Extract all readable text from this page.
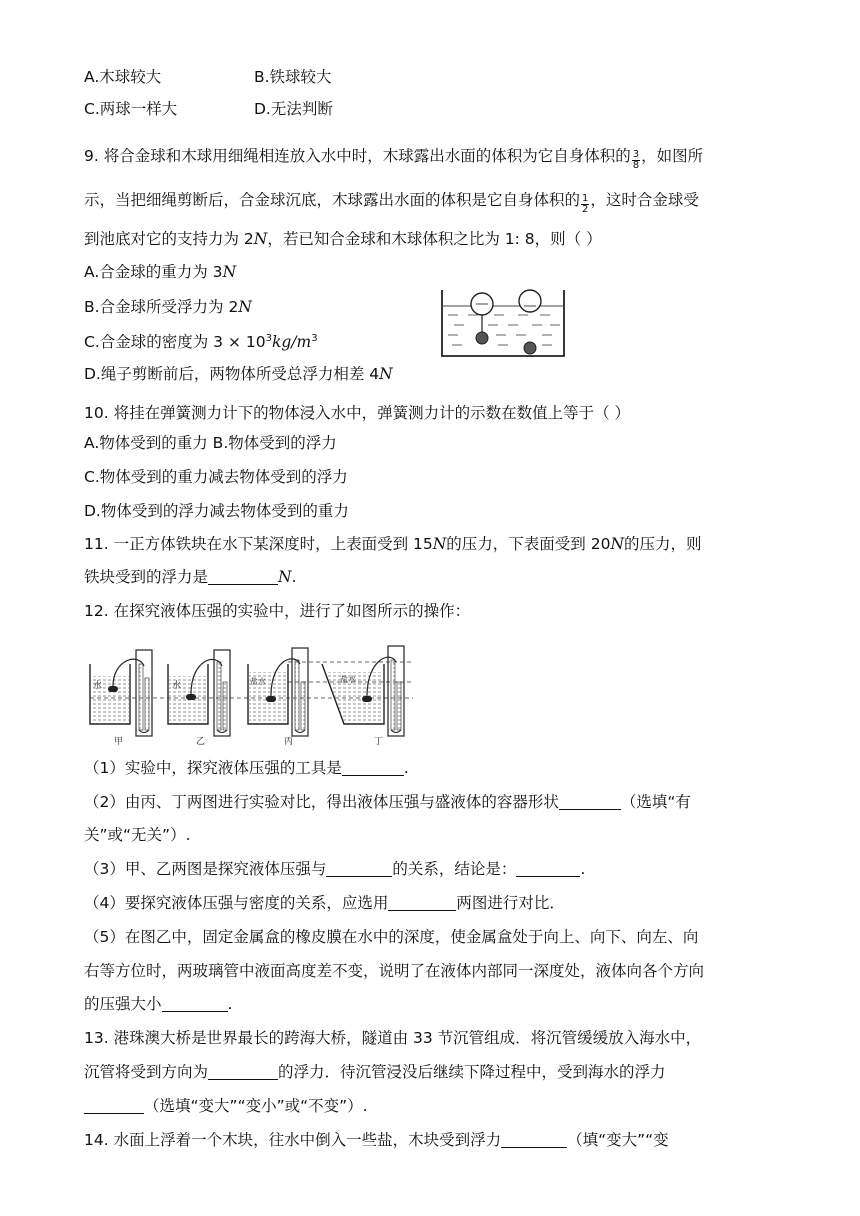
A.木球较大	B.铁球较大
C.两球一样大	D.无法判断
9. 将合金球和木球用细绳相连放入水中时，木球露出水面的体积为它自身体积的 $\frac{3}{8}$ ，如图所
示，当把细绳剪断后，合金球沉底，木球露出水面的体积是它自身体积的 $\frac{1}{2}$ ，这时合金球受
到池底对它的支持力为 2N，若已知合金球和木球体积之比为 1: 8，则（ ）
A.合金球的重力为 3N
B.合金球所受浮力为 2N
C.合金球的密度为 $3 \times 10^3kg/m^3$
D.绳子剪断前后，两物体所受总浮力相差 4N
10. 将挂在弹簧测力计下的物体浸入水中，弹簧测力计的示数在数值上等于（ ）
A.物体受到的重力 B.物体受到的浮力
C.物体受到的重力减去物体受到的浮力
D.物体受到的浮力减去物体受到的重力
11. 一正方体铁块在水下某深度时，上表面受到 15N的压力，下表面受到 20N的压力，则
铁块受到的浮力是	N.
12. 在探究液体压强的实验中，进行了如图所示的操作：
水
甲
水
乙
盐水
丙
盐水
丁
（1）实验中，探究液体压强的工具是	.
（2）由丙、丁两图进行实验对比，得出液体压强与盛液体的容器形状	（选填“有
关”或“无关”）.
（3）甲、乙两图是探究液体压强与	的关系，结论是：	.
（4）要探究液体压强与密度的关系，应选用	两图进行对比．
（5）在图乙中，固定金属盒的橡皮膜在水中的深度，使金属盒处于向上、向下、向左、向
右等方位时，两玻璃管中液面高度差不变，说明了在液体内部同一深度处，液体向各个方向
的压强大小	.
13. 港珠澳大桥是世界最长的跨海大桥，隧道由 33 节沉管组成．将沉管缓缓放入海水中，
沉管将受到方向为	的浮力．待沉管浸没后继续下降过程中，受到海水的浮力
（选填“变大”“变小”或“不变”）.
14. 水面上浮着一个木块，往水中倒入一些盐，木块受到浮力	（填“变大”“变
